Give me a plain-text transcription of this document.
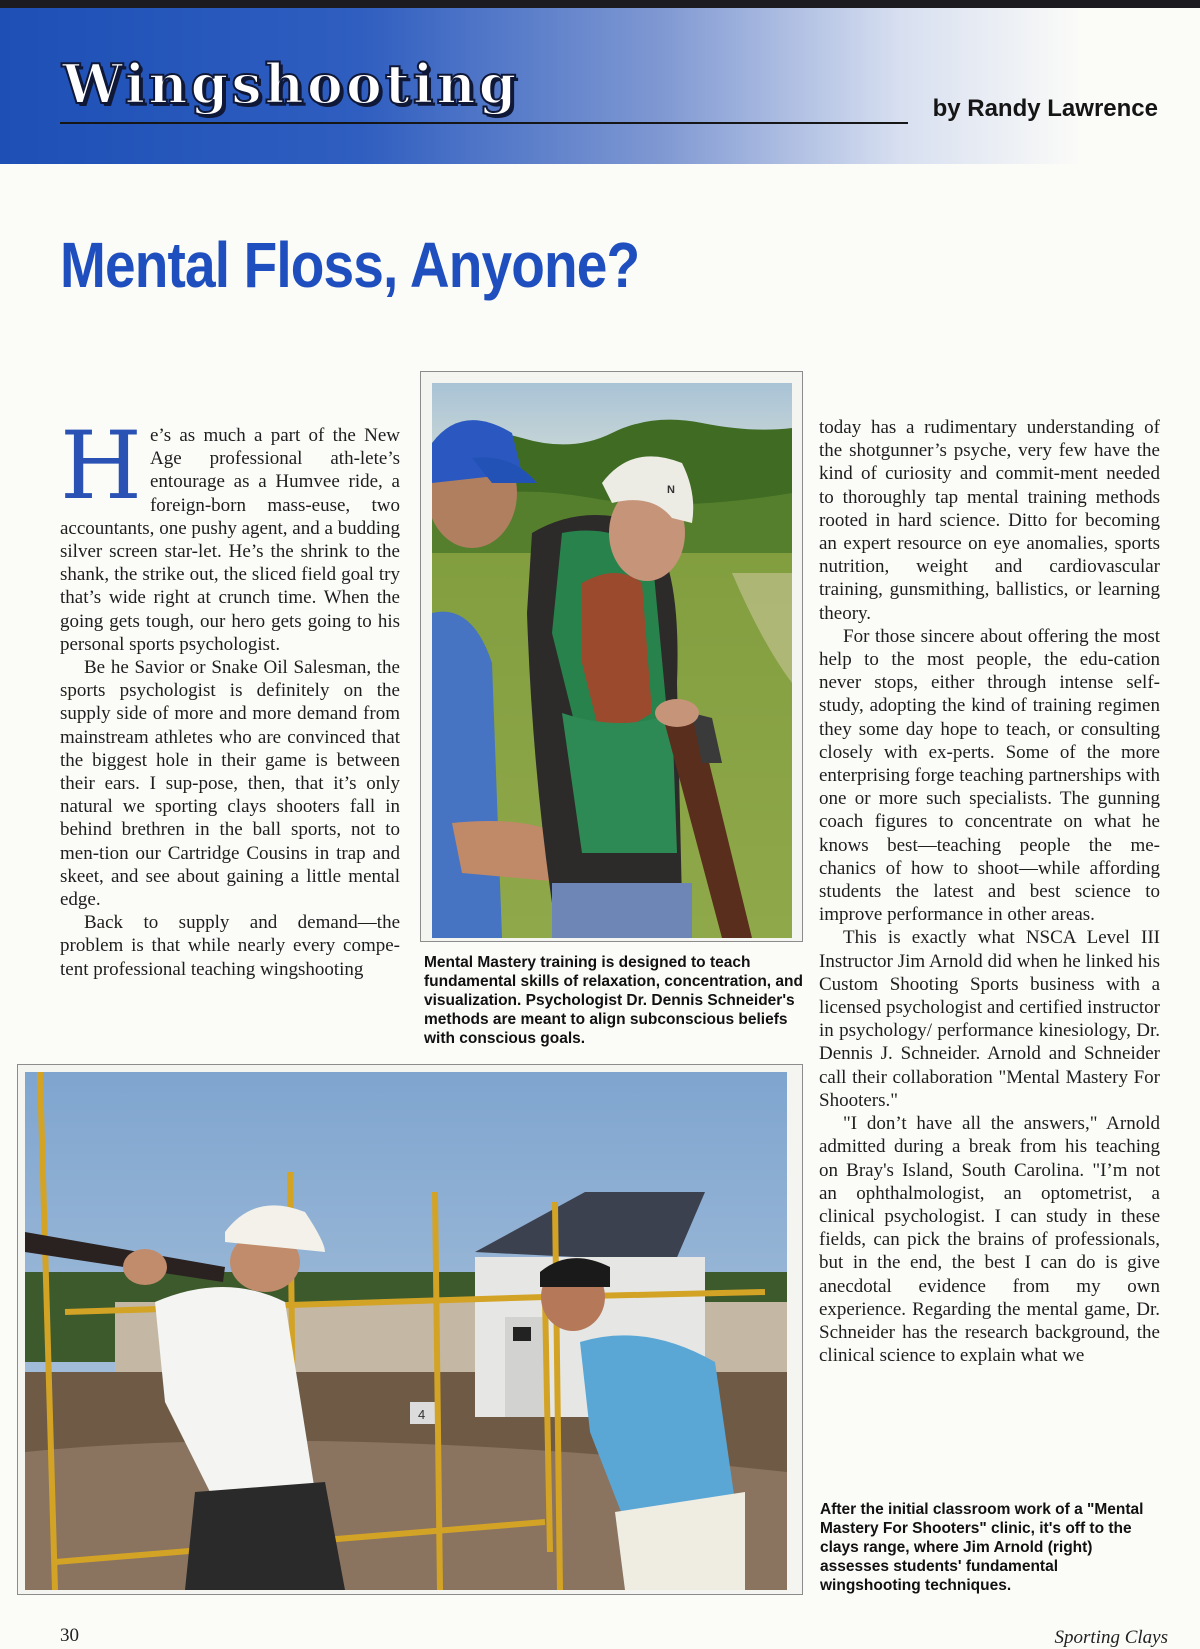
Wingshooting	by Randy Lawrence
Mental Floss, Anyone?

He’s as much a part of the New Age professional ath-lete’s entourage as a Humvee ride, a foreign-born mass-euse, two accountants, one pushy agent, and a budding silver screen star-let. He’s the shrink to the shank, the strike out, the sliced field goal try that’s wide right at crunch time. When the going gets tough, our hero gets going to his personal sports psychologist.

Be he Savior or Snake Oil Salesman, the sports psychologist is definitely on the supply side of more and more demand from mainstream athletes who are convinced that the biggest hole in their game is between their ears. I sup-pose, then, that it’s only natural we sporting clays shooters fall in behind brethren in the ball sports, not to men-tion our Cartridge Cousins in trap and skeet, and see about gaining a little mental edge.

Back to supply and demand—the problem is that while nearly every compe-tent professional teaching wingshooting

N
Mental Mastery training is designed to teach fundamental skills of relaxation, concentration, and visualization. Psychologist Dr. Dennis Schneider's methods are meant to align subconscious beliefs with conscious goals.

today has a rudimentary understanding of the shotgunner’s psyche, very few have the kind of curiosity and commit-ment needed to thoroughly tap mental training methods rooted in hard science. Ditto for becoming an expert resource on eye anomalies, sports nutrition, weight and cardiovascular training, gunsmithing, ballistics, or learning theory.

For those sincere about offering the most help to the most people, the edu-cation never stops, either through intense self-study, adopting the kind of training regimen they some day hope to teach, or consulting closely with ex-perts. Some of the more enterprising forge teaching partnerships with one or more such specialists. The gunning coach figures to concentrate on what he knows best—teaching people the me-chanics of how to shoot—while affording students the latest and best science to improve performance in other areas.

This is exactly what NSCA Level III Instructor Jim Arnold did when he linked his Custom Shooting Sports business with a licensed psychologist and certified instructor in psychology/ performance kinesiology, Dr. Dennis J. Schneider. Arnold and Schneider call their collaboration "Mental Mastery For Shooters."

"I don’t have all the answers," Arnold admitted during a break from his teaching on Bray's Island, South Carolina. "I’m not an ophthalmologist, an optometrist, a clinical psychologist. I can study in these fields, can pick the brains of professionals, but in the end, the best I can do is give anecdotal evidence from my own experience. Regarding the mental game, Dr. Schneider has the research background, the clinical science to explain what we

4
After the initial classroom work of a "Mental Mastery For Shooters" clinic, it's off to the clays range, where Jim Arnold (right) assesses students' fundamental wingshooting techniques.
30	Sporting Clays
